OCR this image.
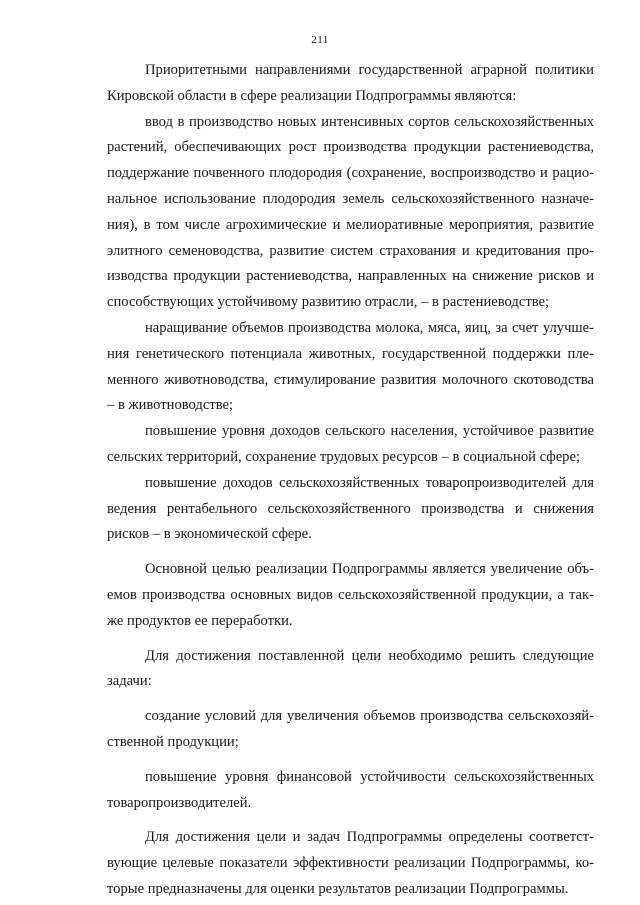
211

Приоритетными направлениями государственной аграрной политики Кировской области в сфере реализации Подпрограммы являются:

ввод в производство новых интенсивных сортов сельскохозяйственных растений, обеспечивающих рост производства продукции растениеводства, поддержание почвенного плодородия (сохранение, воспроизводство и рациональное использование плодородия земель сельскохозяйственного назначения), в том числе агрохимические и мелиоративные мероприятия, развитие элитного семеноводства, развитие систем страхования и кредитования производства продукции растениеводства, направленных на снижение рисков и способствующих устойчивому развитию отрасли, – в растениеводстве;

наращивание объемов производства молока, мяса, яиц, за счет улучшения генетического потенциала животных, государственной поддержки племенного животноводства, стимулирование развития молочного скотоводства – в животноводстве;

повышение уровня доходов сельского населения, устойчивое развитие сельских территорий, сохранение трудовых ресурсов – в социальной сфере;

повышение доходов сельскохозяйственных товаропроизводителей для ведения рентабельного сельскохозяйственного производства и снижения рисков – в экономической сфере.

Основной целью реализации Подпрограммы является увеличение объемов производства основных видов сельскохозяйственной продукции, а также продуктов ее переработки.

Для достижения поставленной цели необходимо решить следующие задачи:

создание условий для увеличения объемов производства сельскохозяйственной продукции;

повышение уровня финансовой устойчивости сельскохозяйственных товаропроизводителей.

Для достижения цели и задач Подпрограммы определены соответствующие целевые показатели эффективности реализации Подпрограммы, которые предназначены для оценки результатов реализации Подпрограммы.
